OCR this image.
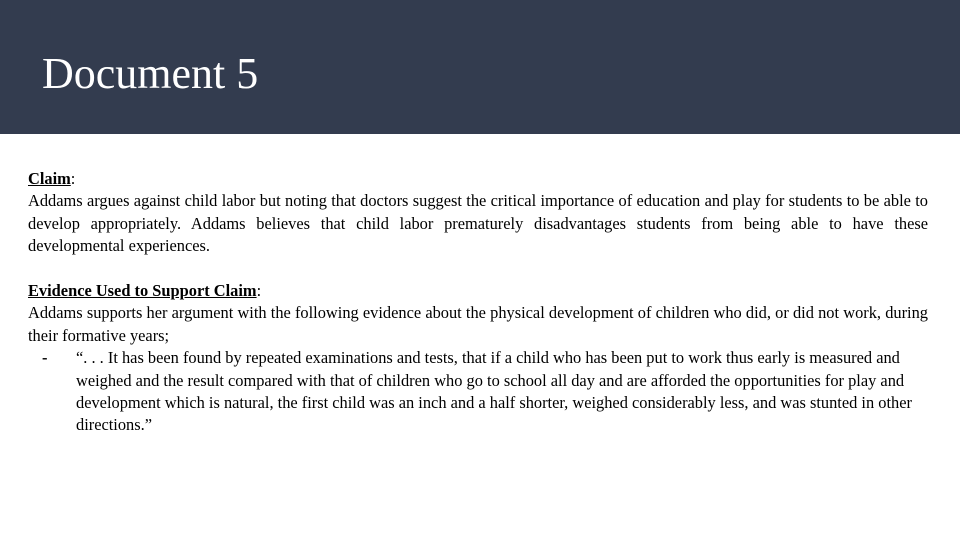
Document 5

Claim:

Addams argues against child labor but noting that doctors suggest the critical importance of education and play for students to be able to develop appropriately. Addams believes that child labor prematurely disadvantages students from being able to have these developmental experiences.

Evidence Used to Support Claim:

Addams supports her argument with the following evidence about the physical development of children who did, or did not work, during their formative years;

- “. . . It has been found by repeated examinations and tests, that if a child who has been put to work thus early is measured and weighed and the result compared with that of children who go to school all day and are afforded the opportunities for play and development which is natural, the first child was an inch and a half shorter, weighed considerably less, and was stunted in other directions.”
